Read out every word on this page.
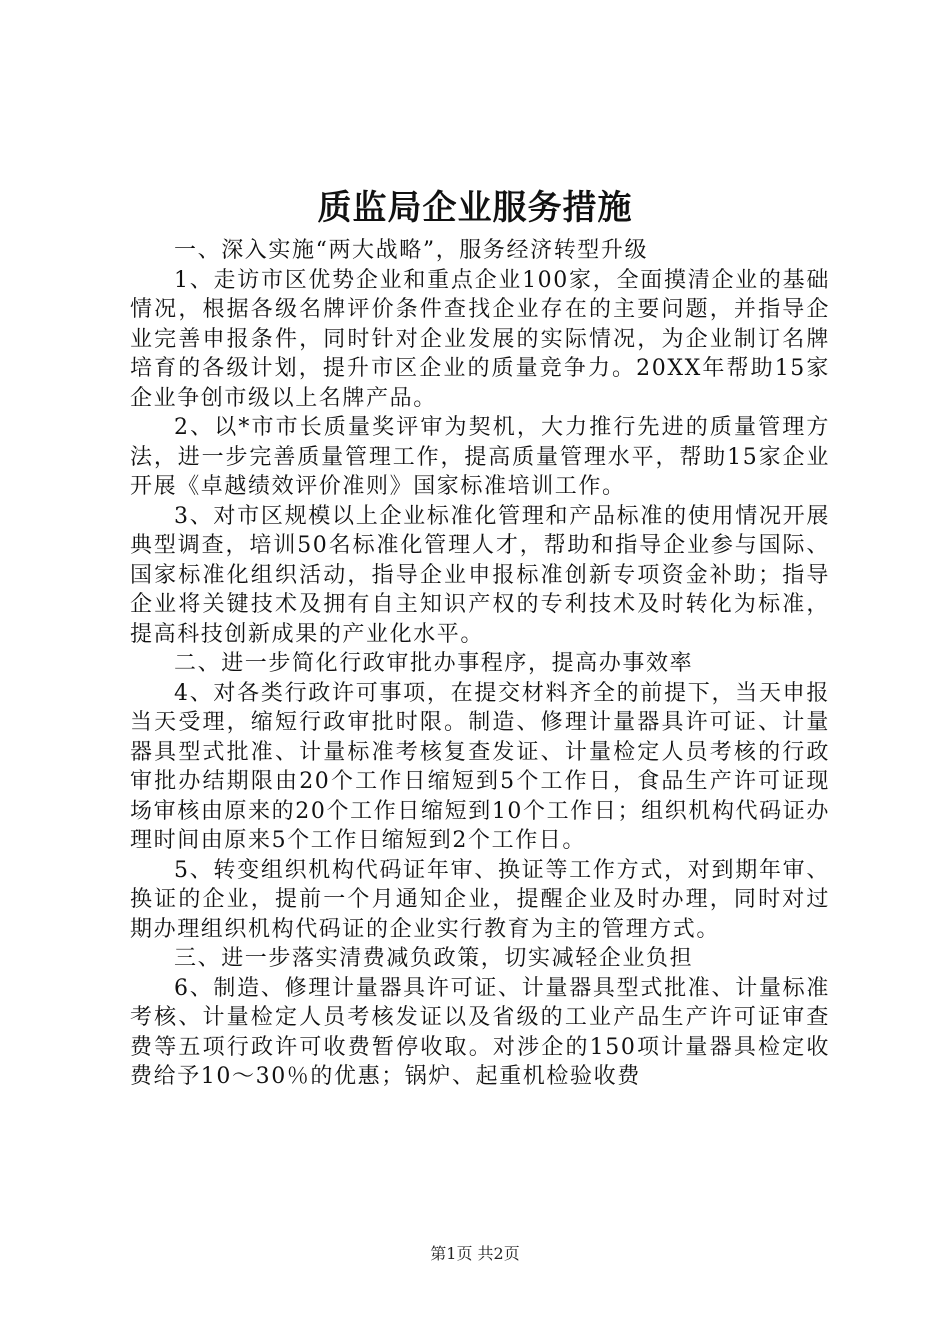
质监局企业服务措施

一、深入实施“两大战略”，服务经济转型升级

1、走访市区优势企业和重点企业100家，全面摸清企业的基础情况，根据各级名牌评价条件查找企业存在的主要问题，并指导企业完善申报条件，同时针对企业发展的实际情况，为企业制订名牌培育的各级计划，提升市区企业的质量竞争力。20XX年帮助15家企业争创市级以上名牌产品。

2、以*市市长质量奖评审为契机，大力推行先进的质量管理方法，进一步完善质量管理工作，提高质量管理水平，帮助15家企业开展《卓越绩效评价准则》国家标准培训工作。

3、对市区规模以上企业标准化管理和产品标准的使用情况开展典型调查，培训50名标准化管理人才，帮助和指导企业参与国际、国家标准化组织活动，指导企业申报标准创新专项资金补助；指导企业将关键技术及拥有自主知识产权的专利技术及时转化为标准，提高科技创新成果的产业化水平。

二、进一步简化行政审批办事程序，提高办事效率

4、对各类行政许可事项，在提交材料齐全的前提下，当天申报当天受理，缩短行政审批时限。制造、修理计量器具许可证、计量器具型式批准、计量标准考核复查发证、计量检定人员考核的行政审批办结期限由20个工作日缩短到5个工作日，食品生产许可证现场审核由原来的20个工作日缩短到10个工作日；组织机构代码证办理时间由原来5个工作日缩短到2个工作日。

5、转变组织机构代码证年审、换证等工作方式，对到期年审、换证的企业，提前一个月通知企业，提醒企业及时办理，同时对过期办理组织机构代码证的企业实行教育为主的管理方式。

三、进一步落实清费减负政策，切实减轻企业负担

6、制造、修理计量器具许可证、计量器具型式批准、计量标准考核、计量检定人员考核发证以及省级的工业产品生产许可证审查费等五项行政许可收费暂停收取。对涉企的150项计量器具检定收费给予10～30％的优惠；锅炉、起重机检验收费

第1页 共2页
